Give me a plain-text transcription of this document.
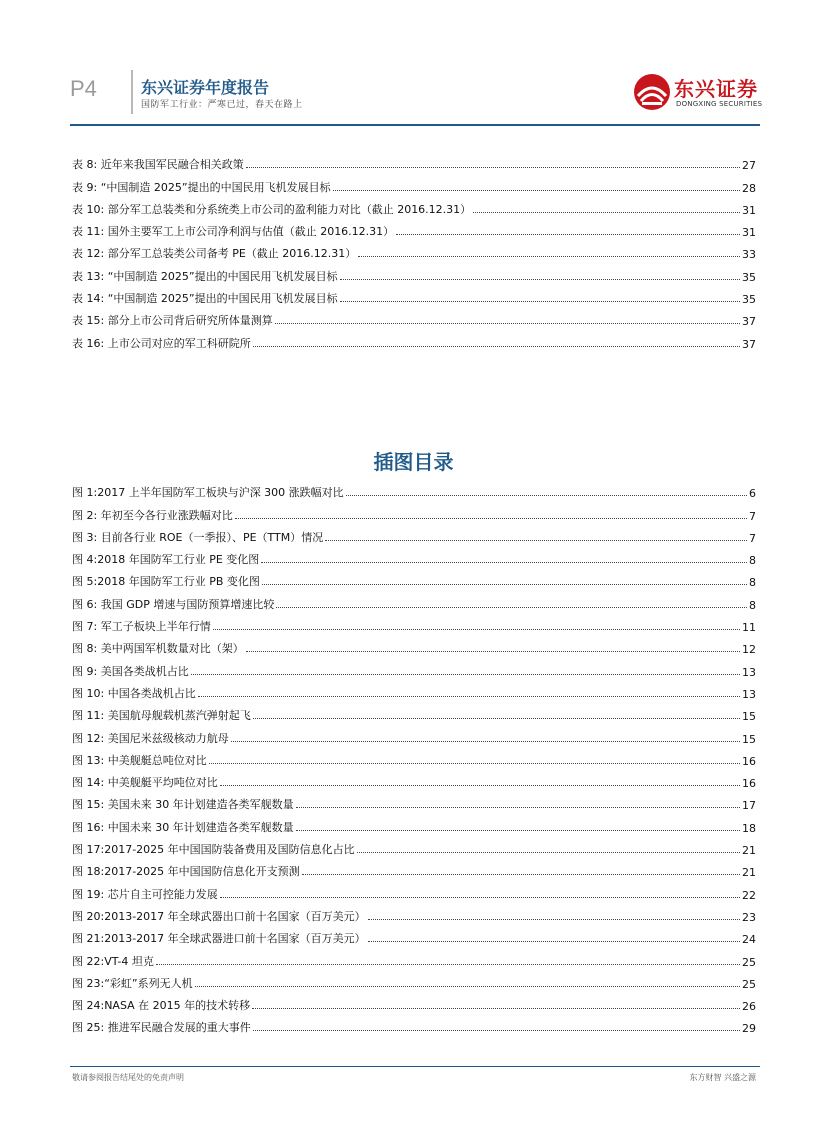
P4	东兴证券年度报告
国防军工行业：严寒已过，春天在路上
东兴证券
DONGXING SECURITIES
表 8: 近年来我国军民融合相关政策	27
表 9: “中国制造 2025”提出的中国民用飞机发展目标	28
表 10: 部分军工总装类和分系统类上市公司的盈利能力对比（截止 2016.12.31）	31
表 11: 国外主要军工上市公司净利润与估值（截止 2016.12.31）	31
表 12: 部分军工总装类公司备考 PE（截止 2016.12.31）	33
表 13: “中国制造 2025”提出的中国民用飞机发展目标	35
表 14: “中国制造 2025”提出的中国民用飞机发展目标	35
表 15: 部分上市公司背后研究所体量测算	37
表 16: 上市公司对应的军工科研院所	37
插图目录
图 1:2017 上半年国防军工板块与沪深 300 涨跌幅对比	6
图 2: 年初至今各行业涨跌幅对比	7
图 3: 目前各行业 ROE（一季报）、PE（TTM）情况	7
图 4:2018 年国防军工行业 PE 变化图	8
图 5:2018 年国防军工行业 PB 变化图	8
图 6: 我国 GDP 增速与国防预算增速比较	8
图 7: 军工子板块上半年行情	11
图 8: 美中两国军机数量对比（架）	12
图 9: 美国各类战机占比	13
图 10: 中国各类战机占比	13
图 11: 美国航母舰载机蒸汽弹射起飞	15
图 12: 美国尼米兹级核动力航母	15
图 13: 中美舰艇总吨位对比	16
图 14: 中美舰艇平均吨位对比	16
图 15: 美国未来 30 年计划建造各类军舰数量	17
图 16: 中国未来 30 年计划建造各类军舰数量	18
图 17:2017-2025 年中国国防装备费用及国防信息化占比	21
图 18:2017-2025 年中国国防信息化开支预测	21
图 19: 芯片自主可控能力发展	22
图 20:2013-2017 年全球武器出口前十名国家（百万美元）	23
图 21:2013-2017 年全球武器进口前十名国家（百万美元）	24
图 22:VT-4 坦克	25
图 23:“彩虹”系列无人机	25
图 24:NASA 在 2015 年的技术转移	26
图 25: 推进军民融合发展的重大事件	29
敬请参阅报告结尾处的免责声明	东方财智 兴盛之源
